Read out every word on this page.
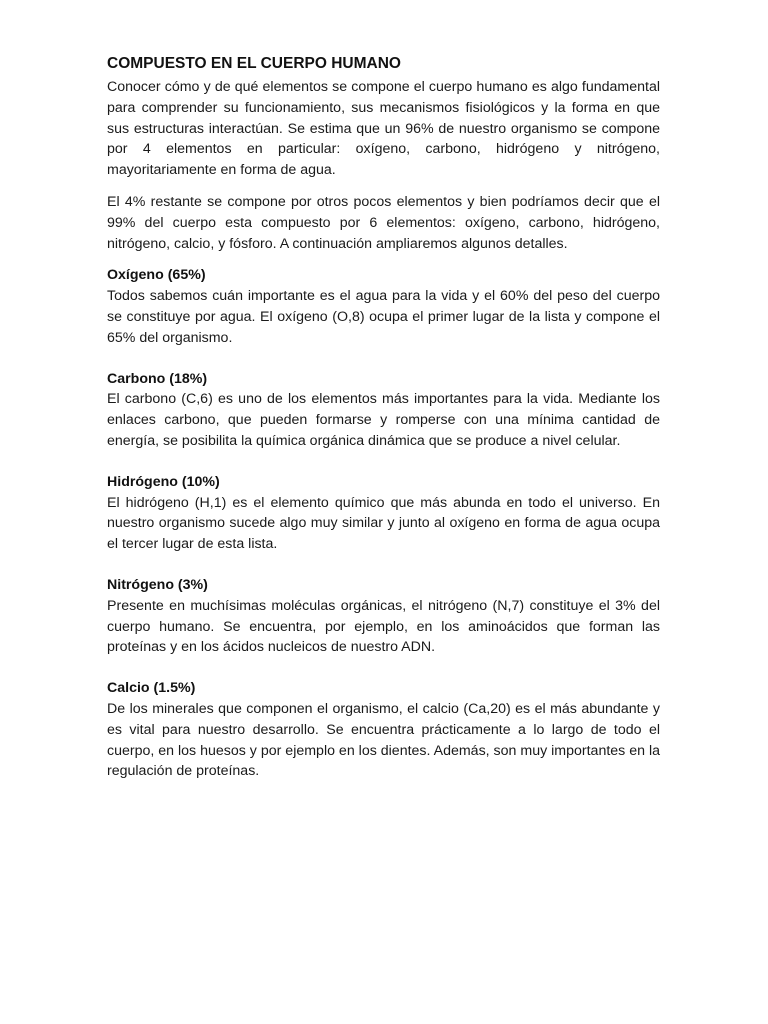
COMPUESTO EN EL CUERPO HUMANO

Conocer cómo y de qué elementos se compone el cuerpo humano es algo fundamental para comprender su funcionamiento, sus mecanismos fisiológicos y la forma en que sus estructuras interactúan. Se estima que un 96% de nuestro organismo se compone por 4 elementos en particular: oxígeno, carbono, hidrógeno y nitrógeno, mayoritariamente en forma de agua.

El 4% restante se compone por otros pocos elementos y bien podríamos decir que el 99% del cuerpo esta compuesto por 6 elementos: oxígeno, carbono, hidrógeno, nitrógeno, calcio, y fósforo. A continuación ampliaremos algunos detalles.

Oxígeno (65%)

Todos sabemos cuán importante es el agua para la vida y el 60% del peso del cuerpo se constituye por agua. El oxígeno (O,8) ocupa el primer lugar de la lista y compone el 65% del organismo.

Carbono (18%)

El carbono (C,6) es uno de los elementos más importantes para la vida. Mediante los enlaces carbono, que pueden formarse y romperse con una mínima cantidad de energía, se posibilita la química orgánica dinámica que se produce a nivel celular.

Hidrógeno (10%)

El hidrógeno (H,1) es el elemento químico que más abunda en todo el universo. En nuestro organismo sucede algo muy similar y junto al oxígeno en forma de agua ocupa el tercer lugar de esta lista.

Nitrógeno (3%)

Presente en muchísimas moléculas orgánicas, el nitrógeno (N,7) constituye el 3% del cuerpo humano. Se encuentra, por ejemplo, en los aminoácidos que forman las proteínas y en los ácidos nucleicos de nuestro ADN.

Calcio (1.5%)

De los minerales que componen el organismo, el calcio (Ca,20) es el más abundante y es vital para nuestro desarrollo. Se encuentra prácticamente a lo largo de todo el cuerpo, en los huesos y por ejemplo en los dientes. Además, son muy importantes en la regulación de proteínas.
